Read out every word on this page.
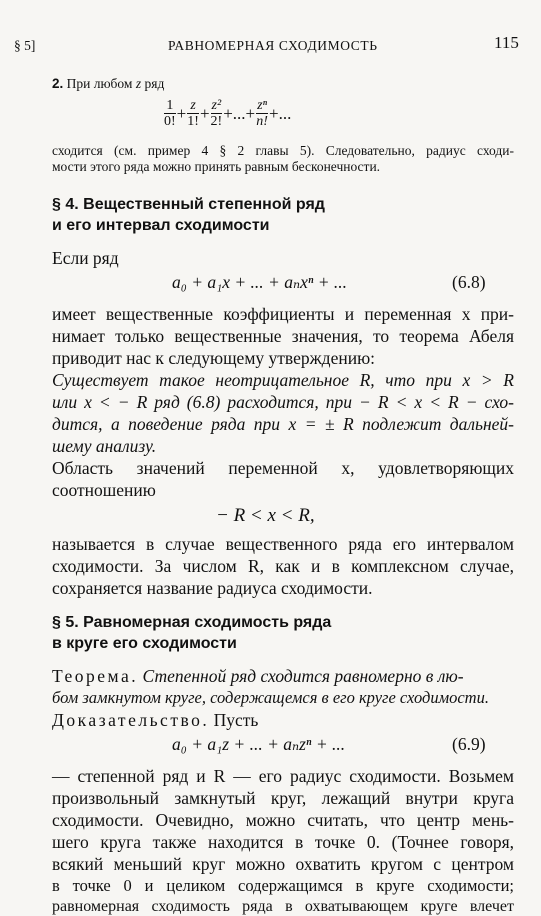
§ 5]	РАВНОМЕРНАЯ СХОДИМОСТЬ	115
2. При любом z ряд
$\frac{1}{0!} + \frac{z}{1!} + \frac{\text{z²}}{2!}$ +...+ $\frac{\text{zⁿ}}{n!}$ +...
сходится (см. пример 4 § 2 главы 5). Следовательно, радиус сходи-
мости этого ряда можно принять равным бесконечности.
§ 4. Вещественный степенной ряд
и его интервал сходимости
Если ряд
a₀ + a₁x + ... + aₙxⁿ + ...	(6.8)
имеет вещественные коэффициенты и переменная x при-
нимает только вещественные значения, то теорема Абеля
приводит нас к следующему утверждению:
Существует такое неотрицательное R, что при x > R
или x < − R ряд (6.8) расходится, при − R < x < R − схо-
дится, а поведение ряда при x = ± R подлежит дальней-
шему анализу.
Область значений переменной x, удовлетворяющих
соотношению
− R < x < R,
называется в случае вещественного ряда его интервалом
сходимости. За числом R, как и в комплексном случае,
сохраняется название радиуса сходимости.
§ 5. Равномерная сходимость ряда
в круге его сходимости
Теорема. Степенной ряд сходится равномерно в лю-
бом замкнутом круге, содержащемся в его круге сходимости.
Доказательство. Пусть
a₀ + a₁z + ... + aₙzⁿ + ...	(6.9)
— степенной ряд и R — его радиус сходимости. Возьмем
произвольный замкнутый круг, лежащий внутри круга
сходимости. Очевидно, можно считать, что центр мень-
шего круга также находится в точке 0. (Точнее говоря,
всякий меньший круг можно охватить кругом с центром
в точке 0 и целиком содержащимся в круге сходимости;
равномерная сходимость ряда в охватывающем круге влечет
